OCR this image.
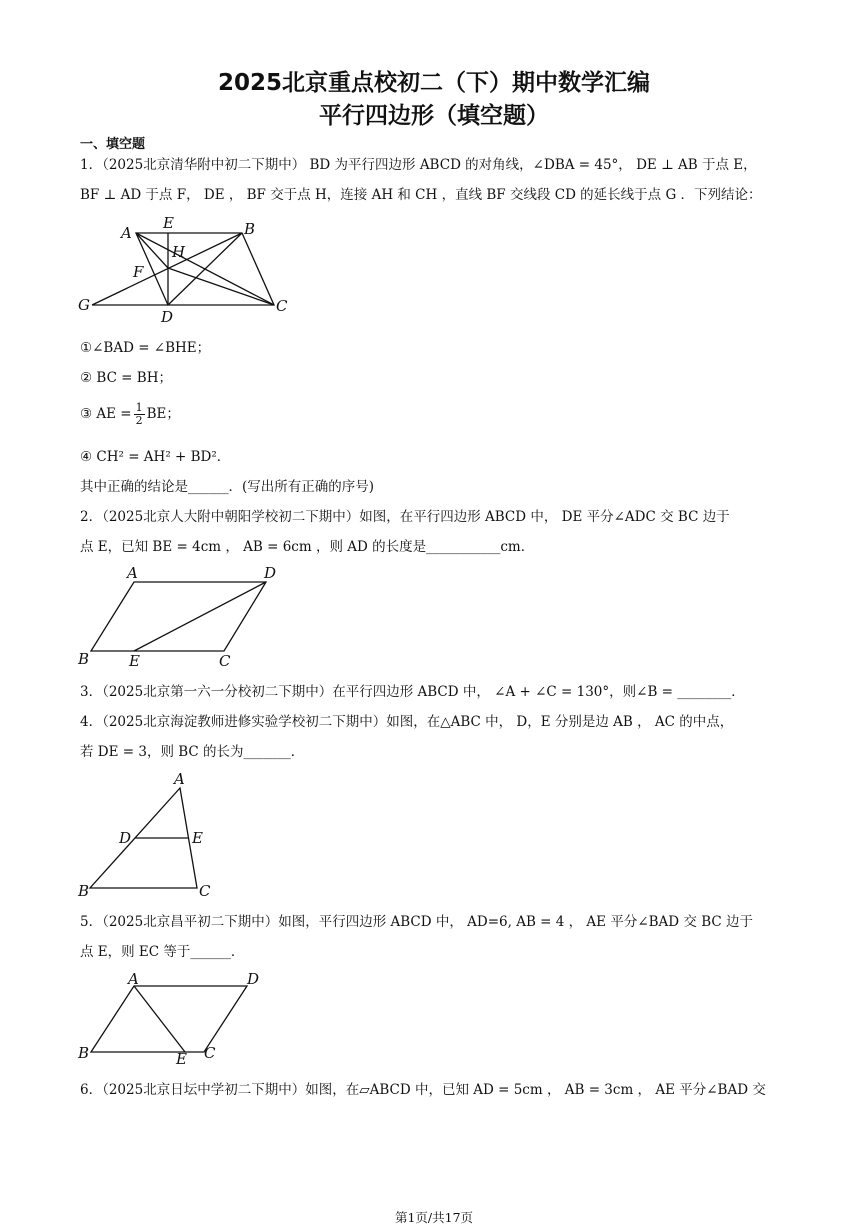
2025北京重点校初二（下）期中数学汇编
平行四边形（填空题）
一、填空题
1．（2025北京清华附中初二下期中） BD 为平行四边形 ABCD 的对角线，∠DBA = 45°， DE ⊥ AB 于点 E，
BF ⊥ AD 于点 F， DE ， BF 交于点 H，连接 AH 和 CH ，直线 BF 交线段 CD 的延长线于点 G ．下列结论：
A
E	B
H
F
G
D
C
①∠BAD = ∠BHE；
② BC = BH；
③ AE = $\frac{1}{2}$ BE；
④ CH² = AH² + BD²．
其中正确的结论是______．(写出所有正确的序号)
2．（2025北京人大附中朝阳学校初二下期中）如图，在平行四边形 ABCD 中， DE 平分∠ADC 交 BC 边于
点 E，已知 BE = 4cm ， AB = 6cm ，则 AD 的长度是___________cm．
A	D
B	E	C
3．（2025北京第一六一分校初二下期中）在平行四边形 ABCD 中， ∠A + ∠C = 130°，则∠B = ________．
4．（2025北京海淀教师进修实验学校初二下期中）如图，在△ABC 中， D，E 分别是边 AB ， AC 的中点，
若 DE = 3，则 BC 的长为_______．
A
D	E
B	C
5．（2025北京昌平初二下期中）如图，平行四边形 ABCD 中， AD=6, AB = 4 ， AE 平分∠BAD 交 BC 边于
点 E，则 EC 等于______．
A	D
B	E C
6．（2025北京日坛中学初二下期中）如图，在▱ABCD 中，已知 AD = 5cm ， AB = 3cm ， AE 平分∠BAD 交
第1页/共17页
